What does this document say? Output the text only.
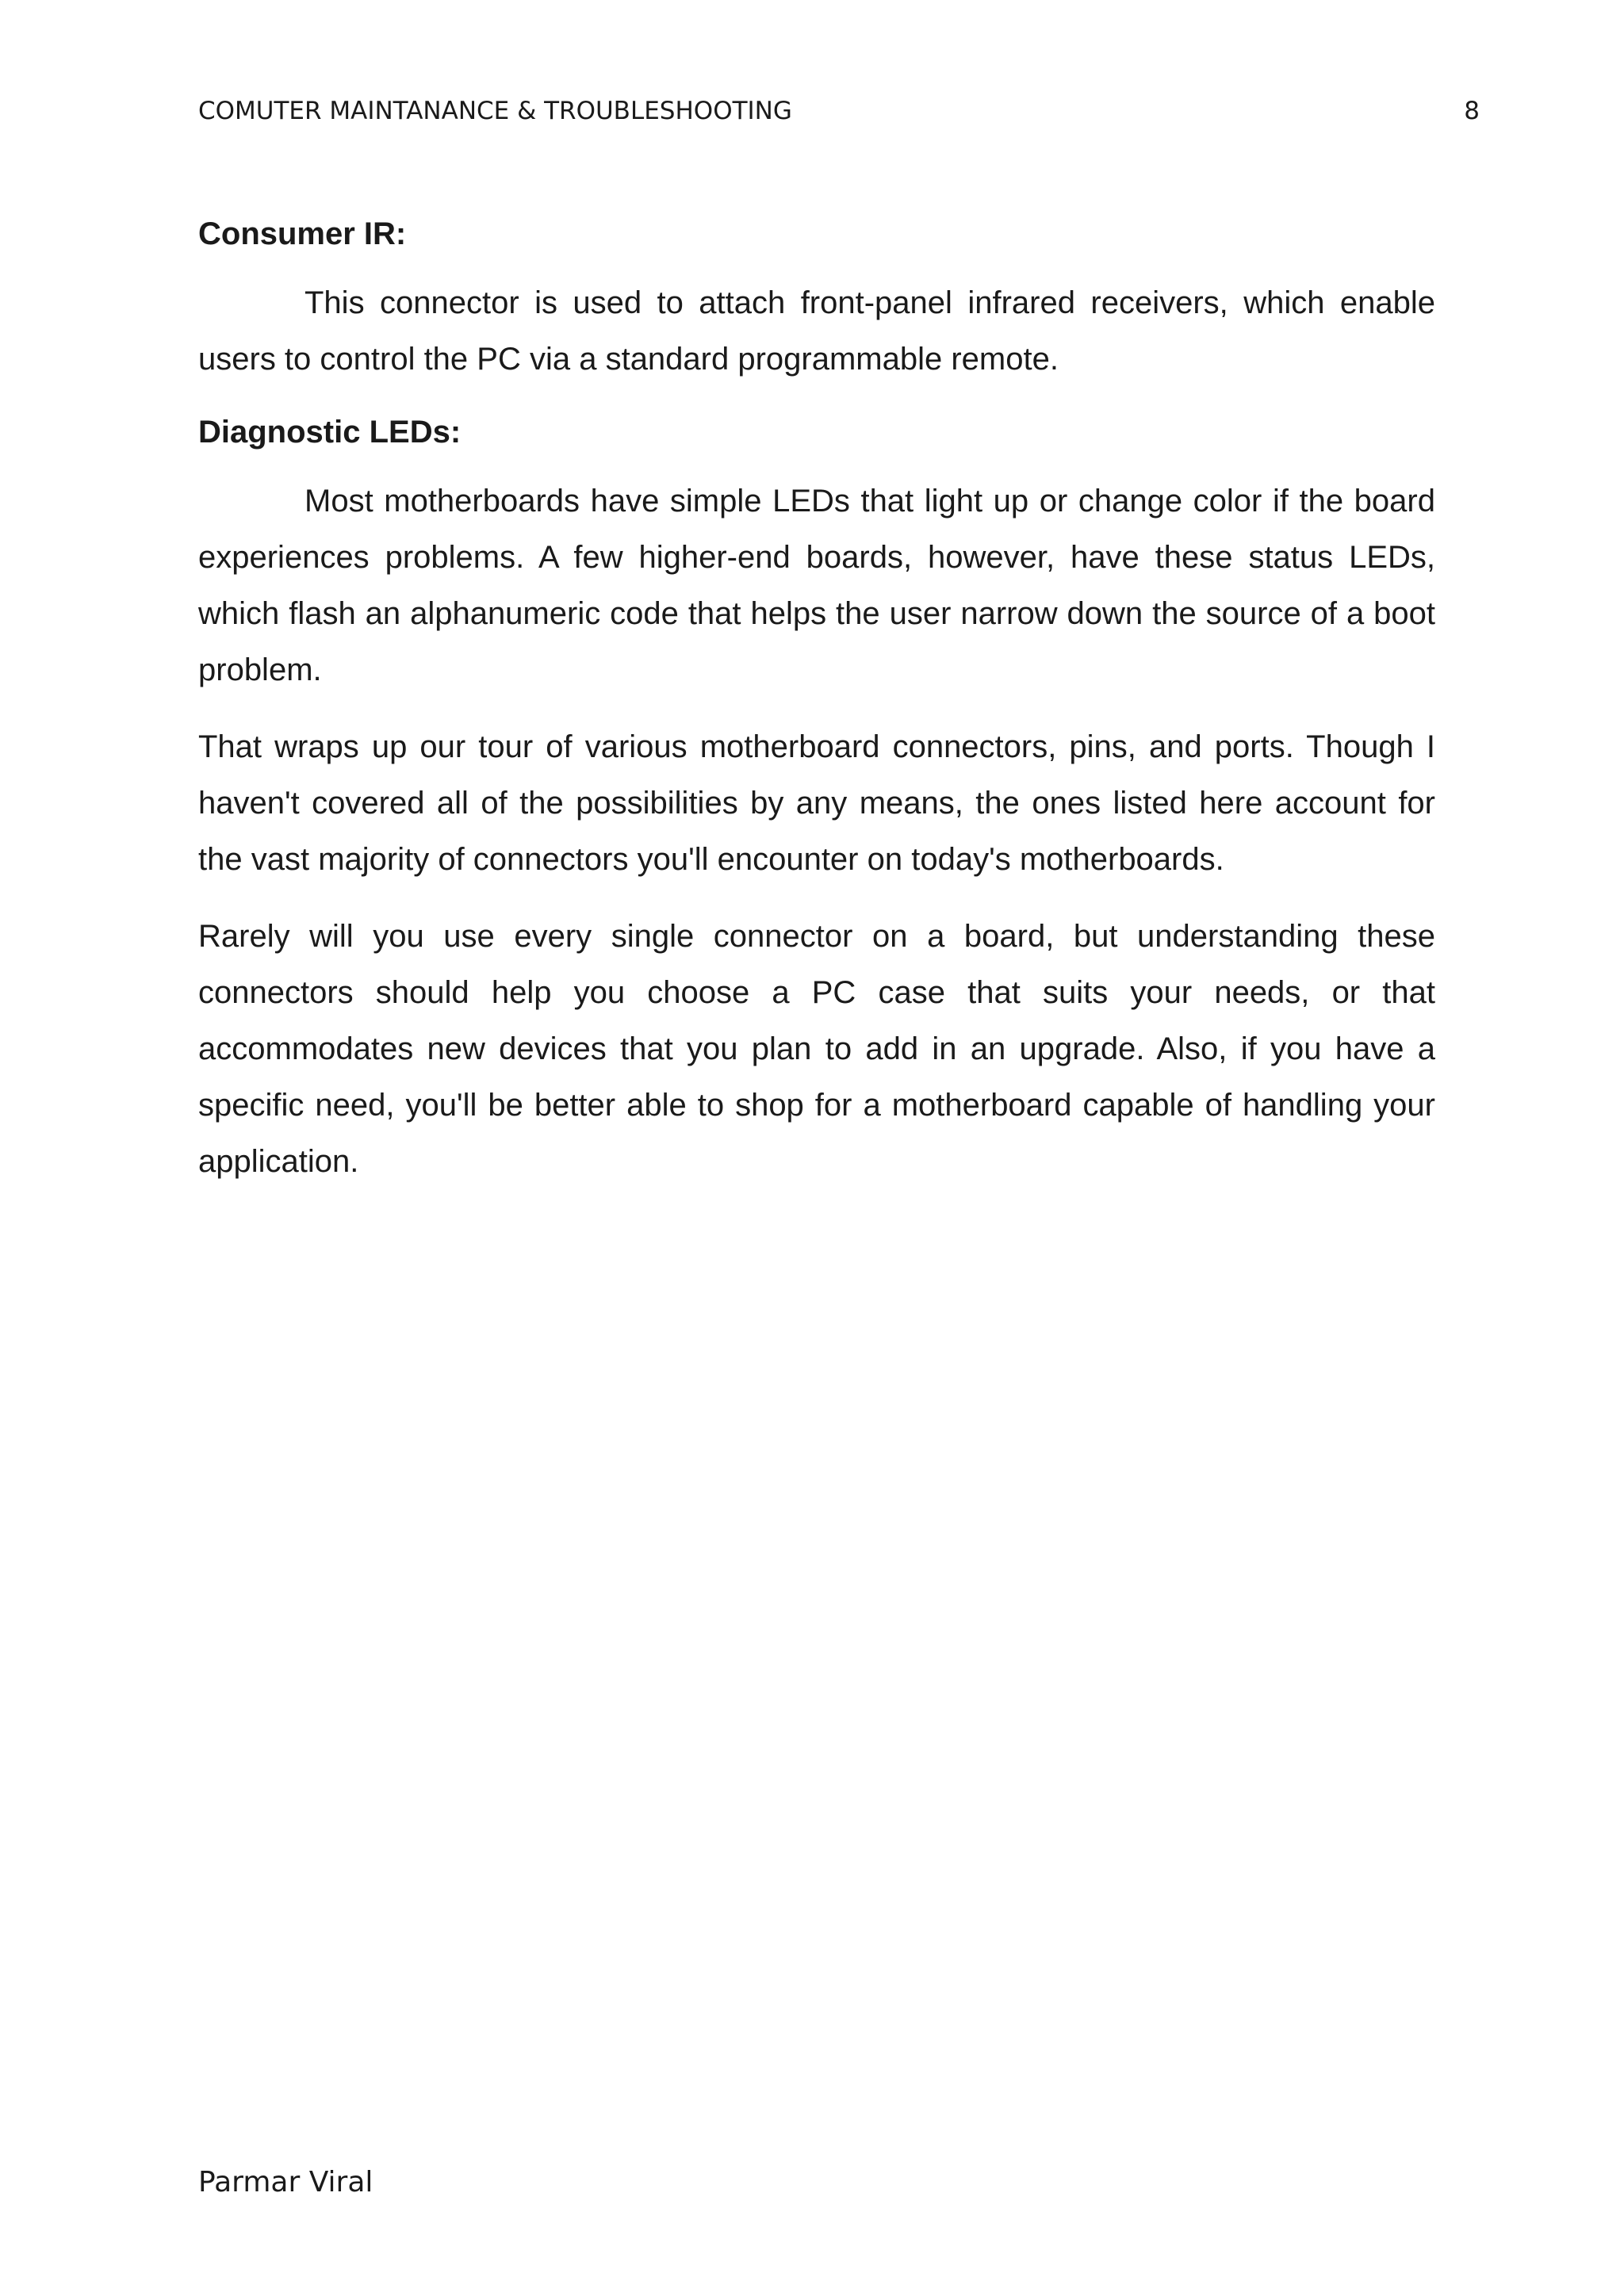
COMUTER MAINTANANCE & TROUBLESHOOTING	8
Consumer IR:

This connector is used to attach front-panel infrared receivers, which enable users to control the PC via a standard programmable remote.

Diagnostic LEDs:

Most motherboards have simple LEDs that light up or change color if the board experiences problems. A few higher-end boards, however, have these status LEDs, which flash an alphanumeric code that helps the user narrow down the source of a boot problem.

That wraps up our tour of various motherboard connectors, pins, and ports. Though I haven't covered all of the possibilities by any means, the ones listed here account for the vast majority of connectors you'll encounter on today's motherboards.

Rarely will you use every single connector on a board, but understanding these connectors should help you choose a PC case that suits your needs, or that accommodates new devices that you plan to add in an upgrade. Also, if you have a specific need, you'll be better able to shop for a motherboard capable of handling your application.

Parmar Viral
